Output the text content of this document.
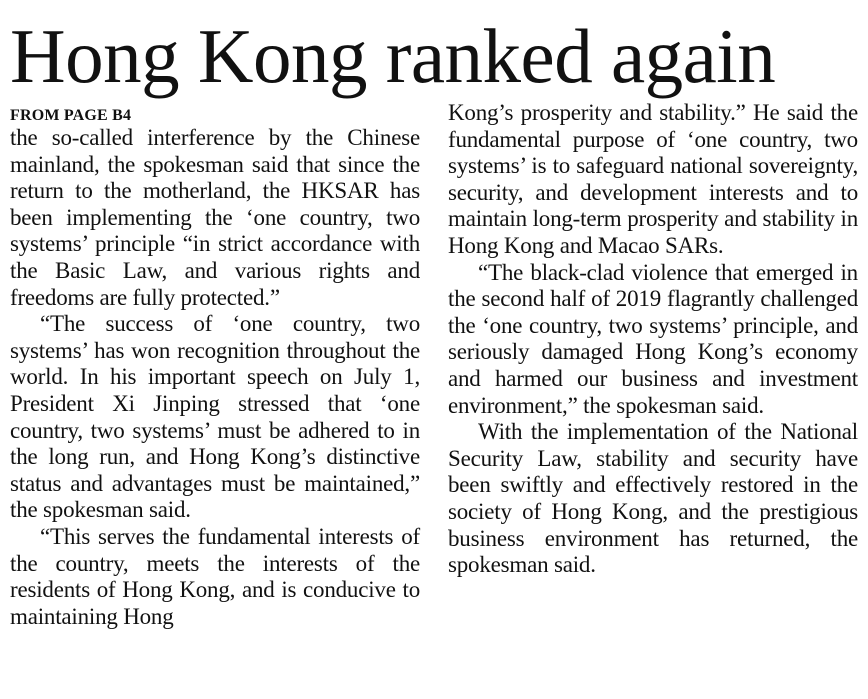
Hong Kong ranked again
FROM PAGE B4

the so-called interference by the Chinese mainland, the spokesman said that since the return to the motherland, the HKSAR has been implementing the ‘one country, two systems’ principle “in strict accordance with the Basic Law, and various rights and freedoms are fully protected.”

“The success of ‘one country, two systems’ has won recognition throughout the world. In his important speech on July 1, President Xi Jinping stressed that ‘one country, two systems’ must be adhered to in the long run, and Hong Kong’s distinctive status and advantages must be maintained,” the spokesman said.

“This serves the fundamental interests of the country, meets the interests of the residents of Hong Kong, and is conducive to maintaining Hong

Kong’s prosperity and stability.” He said the fundamental purpose of ‘one country, two systems’ is to safeguard national sovereignty, security, and development interests and to maintain long-term prosperity and stability in Hong Kong and Macao SARs.

“The black-clad violence that emerged in the second half of 2019 flagrantly challenged the ‘one country, two systems’ principle, and seriously damaged Hong Kong’s economy and harmed our business and investment environment,” the spokesman said.

With the implementation of the National Security Law, stability and security have been swiftly and effectively restored in the society of Hong Kong, and the prestigious business environment has returned, the spokesman said.
